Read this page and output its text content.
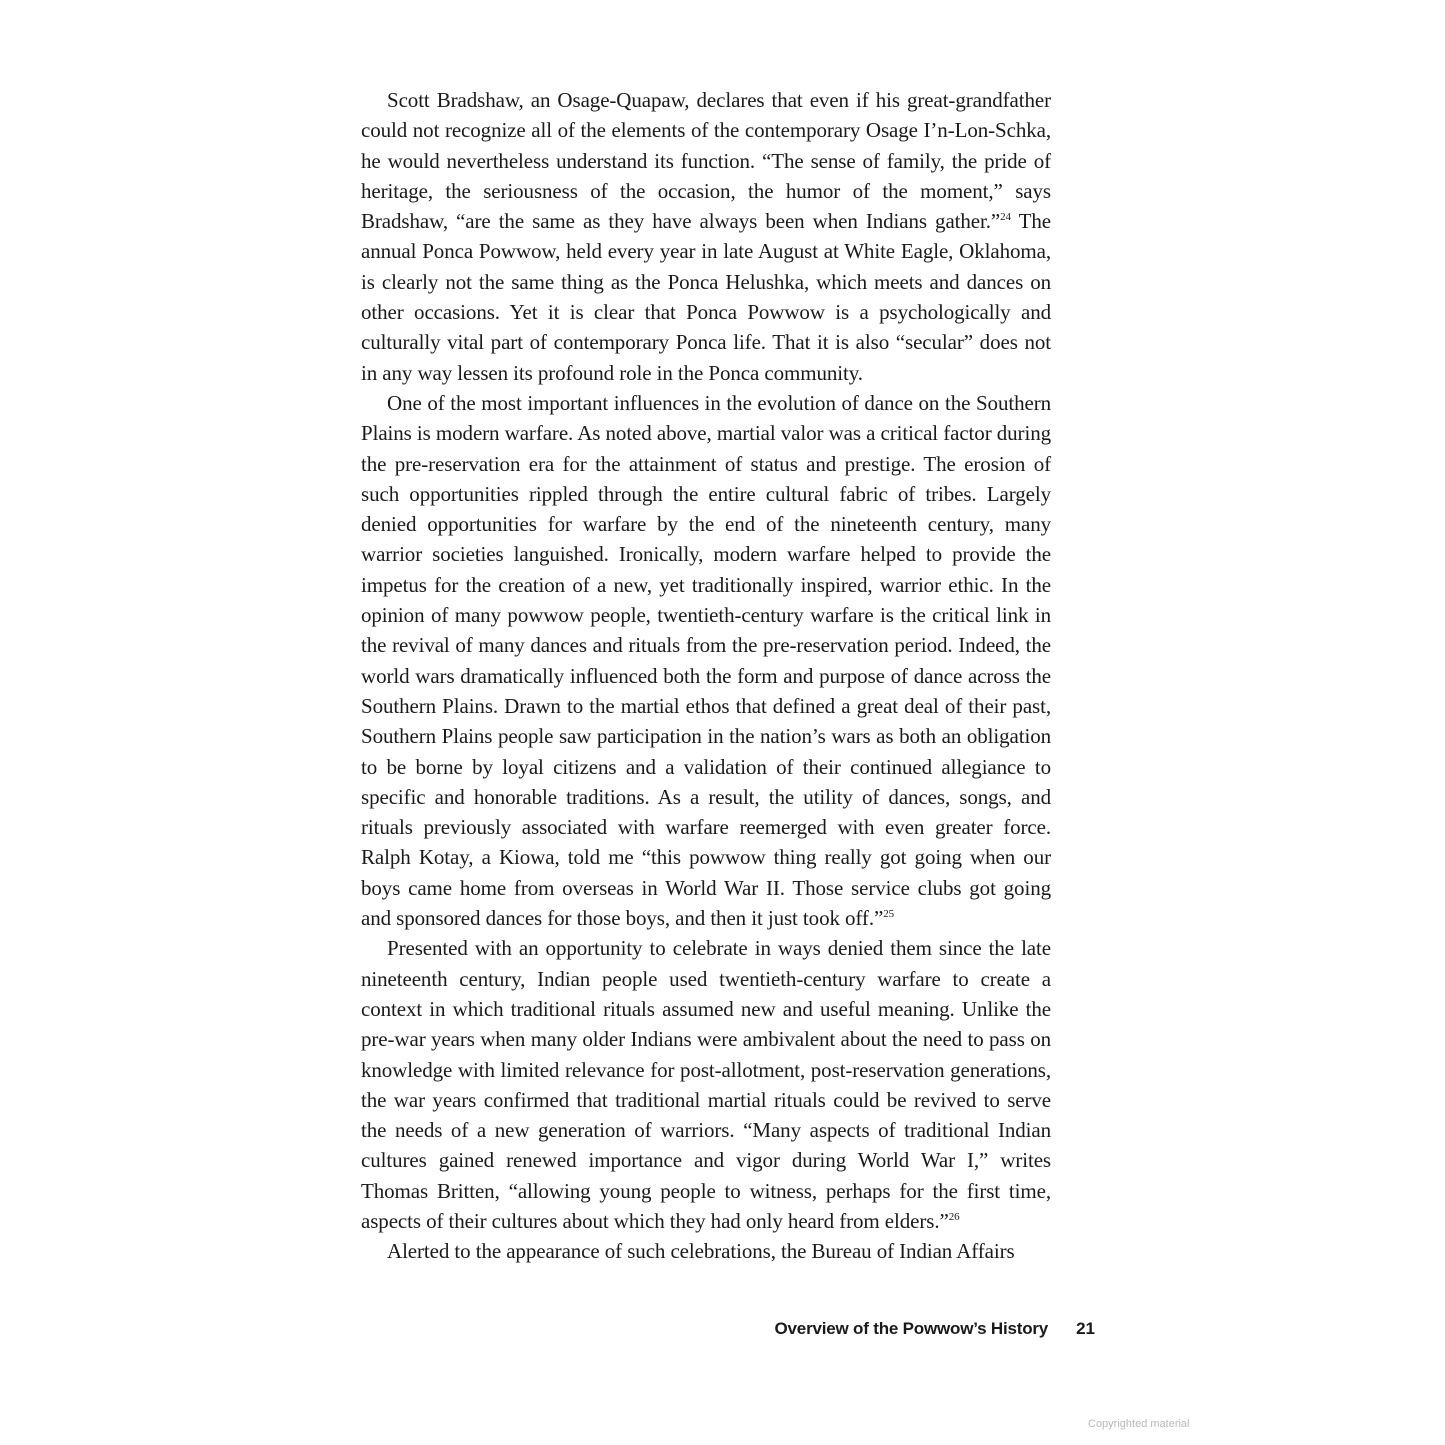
Scott Bradshaw, an Osage-Quapaw, declares that even if his great-grandfather could not recognize all of the elements of the contemporary Osage I’n-Lon-Schka, he would nevertheless understand its function. “The sense of family, the pride of heritage, the seriousness of the occasion, the humor of the moment,” says Bradshaw, “are the same as they have always been when Indians gather.”$^{24}$ The annual Ponca Powwow, held every year in late August at White Eagle, Oklahoma, is clearly not the same thing as the Ponca Helushka, which meets and dances on other occasions. Yet it is clear that Ponca Powwow is a psychologically and culturally vital part of contemporary Ponca life. That it is also “secular” does not in any way lessen its profound role in the Ponca community.

One of the most important influences in the evolution of dance on the Southern Plains is modern warfare. As noted above, martial valor was a critical factor during the pre-reservation era for the attainment of status and prestige. The erosion of such opportunities rippled through the entire cultural fabric of tribes. Largely denied opportunities for warfare by the end of the nineteenth century, many warrior societies languished. Ironically, modern warfare helped to provide the impetus for the creation of a new, yet traditionally inspired, warrior ethic. In the opinion of many powwow people, twentieth-century warfare is the critical link in the revival of many dances and rituals from the pre-reservation period. Indeed, the world wars dramatically influenced both the form and purpose of dance across the Southern Plains. Drawn to the martial ethos that defined a great deal of their past, Southern Plains people saw participation in the nation’s wars as both an obligation to be borne by loyal citizens and a validation of their continued allegiance to specific and honorable traditions. As a result, the utility of dances, songs, and rituals previously associated with warfare reemerged with even greater force. Ralph Kotay, a Kiowa, told me “this powwow thing really got going when our boys came home from overseas in World War II. Those service clubs got going and sponsored dances for those boys, and then it just took off.”$^{25}$

Presented with an opportunity to celebrate in ways denied them since the late nineteenth century, Indian people used twentieth-century warfare to create a context in which traditional rituals assumed new and useful meaning. Unlike the pre-war years when many older Indians were ambivalent about the need to pass on knowledge with limited relevance for post-allotment, post-reservation generations, the war years confirmed that traditional martial rituals could be revived to serve the needs of a new generation of warriors. “Many aspects of traditional Indian cultures gained renewed importance and vigor during World War I,” writes Thomas Britten, “allowing young people to witness, perhaps for the first time, aspects of their cultures about which they had only heard from elders.”$^{26}$

Alerted to the appearance of such celebrations, the Bureau of Indian Affairs

Overview of the Powwow’s History 21
Copyrighted material
